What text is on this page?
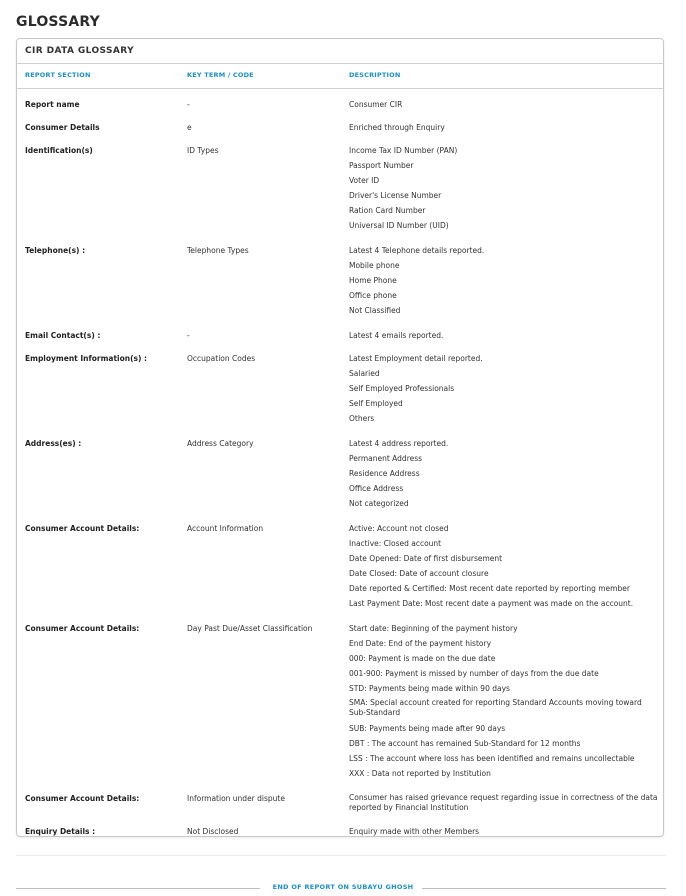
GLOSSARY
CIR DATA GLOSSARY
REPORT SECTION	KEY TERM / CODE	DESCRIPTION
Report name	-	Consumer CIR
Consumer Details	e	Enriched through Enquiry
Identification(s)	ID Types	Income Tax ID Number (PAN)
Passport Number
Voter ID
Driver's License Number
Ration Card Number
Universal ID Number (UID)
Telephone(s) :	Telephone Types	Latest 4 Telephone details reported.
Mobile phone
Home Phone
Office phone
Not Classified
Email Contact(s) :	-	Latest 4 emails reported.
Employment Information(s) :	Occupation Codes	Latest Employment detail reported.
Salaried
Self Employed Professionals
Self Employed
Others
Address(es) :	Address Category	Latest 4 address reported.
Permanent Address
Residence Address
Office Address
Not categorized
Consumer Account Details:	Account Information	Active: Account not closed
Inactive: Closed account
Date Opened: Date of first disbursement
Date Closed: Date of account closure
Date reported & Certified: Most recent date reported by reporting member
Last Payment Date: Most recent date a payment was made on the account.
Consumer Account Details:	Day Past Due/Asset Classification	Start date: Beginning of the payment history
End Date: End of the payment history
000: Payment is made on the due date
001-900: Payment is missed by number of days from the due date
STD: Payments being made within 90 days
SMA: Special account created for reporting Standard Accounts moving toward Sub-Standard
SUB: Payments being made after 90 days
DBT : The account has remained Sub-Standard for 12 months
LSS : The account where loss has been identified and remains uncollectable
XXX : Data not reported by Institution
Consumer Account Details:	Information under dispute	Consumer has raised grievance request regarding issue in correctness of the data reported by Financial Institution
Enquiry Details :	Not Disclosed	Enquiry made with other Members
END OF REPORT ON SUBAYU GHOSH
